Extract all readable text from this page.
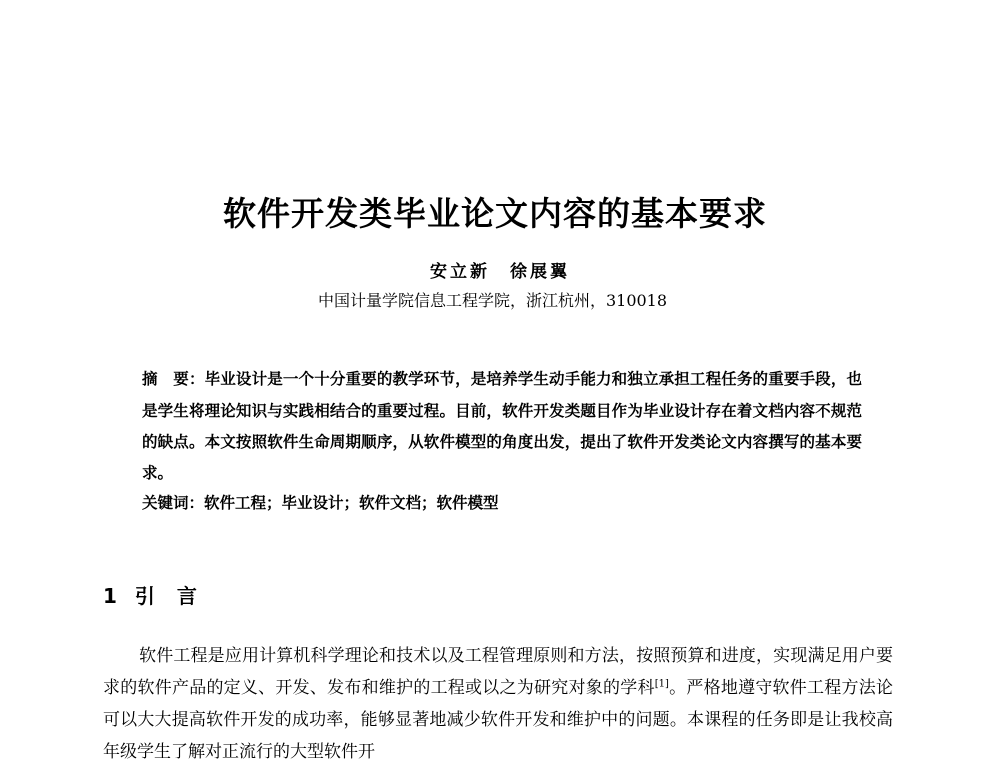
软件开发类毕业论文内容的基本要求
安立新　徐展翼
中国计量学院信息工程学院，浙江杭州，310018
摘　要：毕业设计是一个十分重要的教学环节，是培养学生动手能力和独立承担工程任务的重要手段，也是学生将理论知识与实践相结合的重要过程。目前，软件开发类题目作为毕业设计存在着文档内容不规范的缺点。本文按照软件生命周期顺序，从软件模型的角度出发，提出了软件开发类论文内容撰写的基本要求。
关键词：软件工程；毕业设计；软件文档；软件模型
1 引言
软件工程是应用计算机科学理论和技术以及工程管理原则和方法，按照预算和进度，实现满足用户要求的软件产品的定义、开发、发布和维护的工程或以之为研究对象的学科[1]。严格地遵守软件工程方法论可以大大提高软件开发的成功率，能够显著地减少软件开发和维护中的问题。本课程的任务即是让我校高年级学生了解对正流行的大型软件开
